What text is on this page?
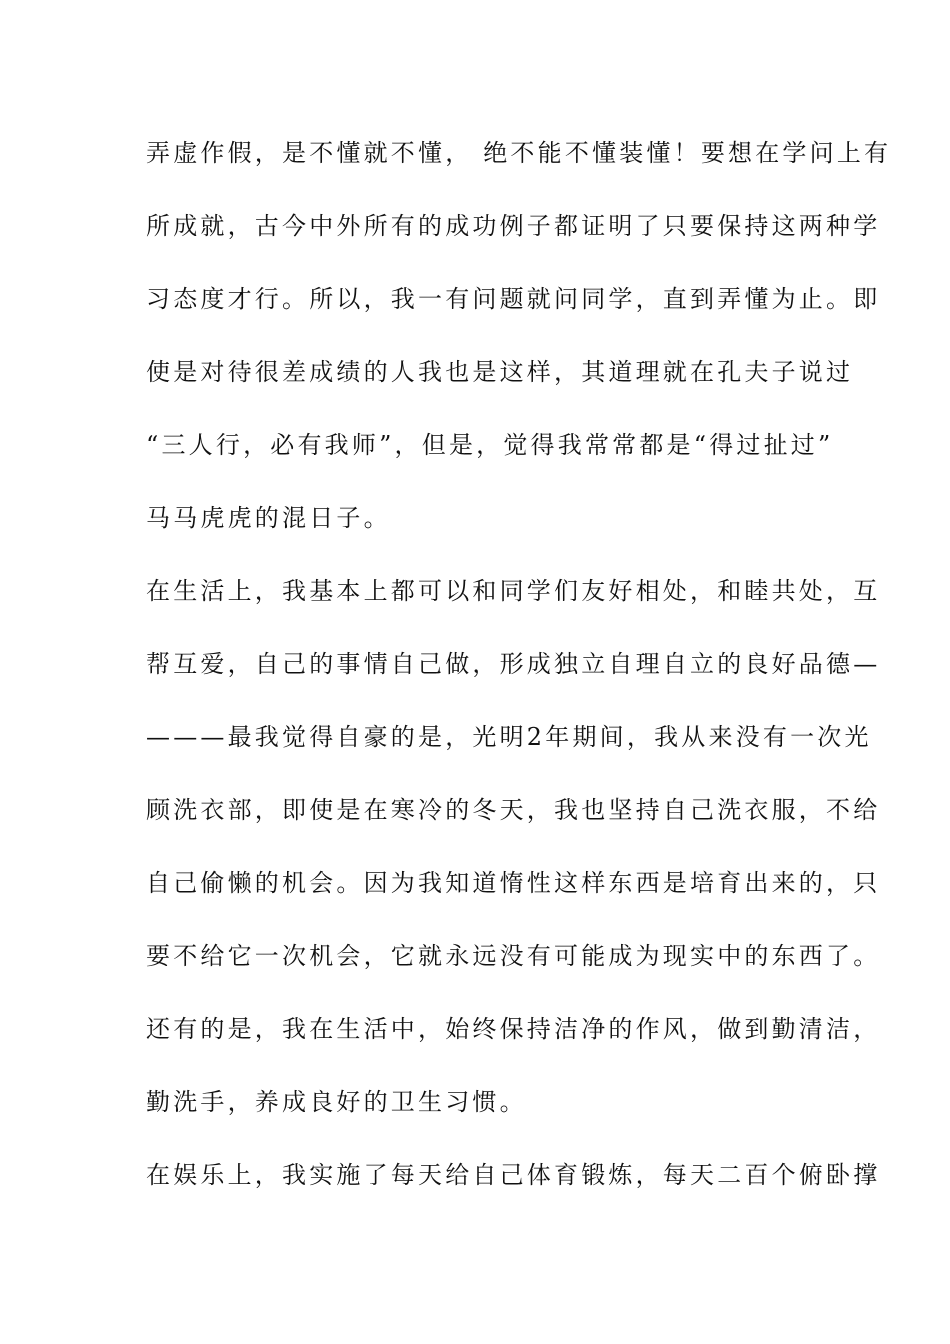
弄虚作假，是不懂就不懂， 绝不能不懂装懂！要想在学问上有
所成就，古今中外所有的成功例子都证明了只要保持这两种学
习态度才行。所以，我一有问题就问同学，直到弄懂为止。即
使是对待很差成绩的人我也是这样，其道理就在孔夫子说过
“三人行，必有我师”，但是，觉得我常常都是“得过扯过”
马马虎虎的混日子。
在生活上，我基本上都可以和同学们友好相处，和睦共处，互
帮互爱，自己的事情自己做，形成独立自理自立的良好品德—
———最我觉得自豪的是，光明2年期间，我从来没有一次光
顾洗衣部，即使是在寒冷的冬天，我也坚持自己洗衣服，不给
自己偷懒的机会。因为我知道惰性这样东西是培育出来的，只
要不给它一次机会，它就永远没有可能成为现实中的东西了。
还有的是，我在生活中，始终保持洁净的作风，做到勤清洁，
勤洗手，养成良好的卫生习惯。
在娱乐上，我实施了每天给自己体育锻炼，每天二百个俯卧撑
